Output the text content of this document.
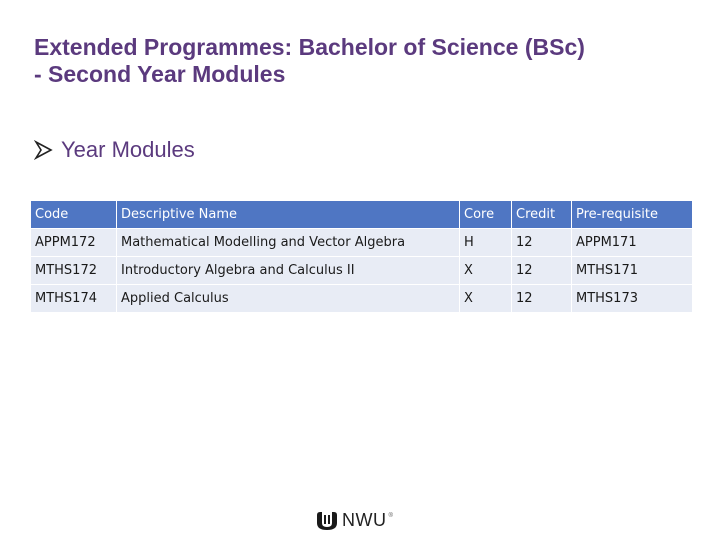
Extended Programmes: Bachelor of Science (BSc)
- Second Year Modules
Year Modules
Code	Descriptive Name	Core	Credit	Pre-requisite
APPM172	Mathematical Modelling and Vector Algebra	H	12	APPM171
MTHS172	Introductory Algebra and Calculus II	X	12	MTHS171
MTHS174	Applied Calculus	X	12	MTHS173
NWU ®
